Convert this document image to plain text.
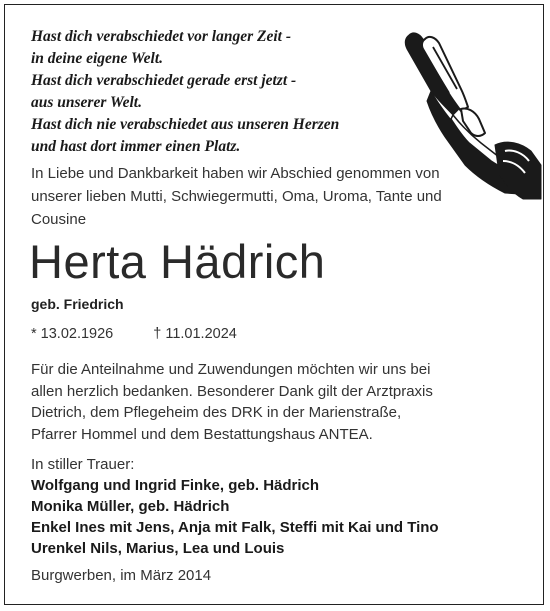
Hast dich verabschiedet vor langer Zeit -
in deine eigene Welt.
Hast dich verabschiedet gerade erst jetzt -
aus unserer Welt.
Hast dich nie verabschiedet aus unseren Herzen
und hast dort immer einen Platz.
In Liebe und Dankbarkeit haben wir Abschied genommen von unserer lieben Mutti, Schwiegermutti, Oma, Uroma, Tante und Cousine
Herta Hädrich
geb. Friedrich
* 13.02.1926	† 11.01.2024
Für die Anteilnahme und Zuwendungen möchten wir uns bei
allen herzlich bedanken. Besonderer Dank gilt der Arztpraxis
Dietrich, dem Pflegeheim des DRK in der Marienstraße,
Pfarrer Hommel und dem Bestattungshaus ANTEA.
In stiller Trauer:
Wolfgang und Ingrid Finke, geb. Hädrich
Monika Müller, geb. Hädrich
Enkel Ines mit Jens, Anja mit Falk, Steffi mit Kai und Tino
Urenkel Nils, Marius, Lea und Louis
Burgwerben, im März 2014
